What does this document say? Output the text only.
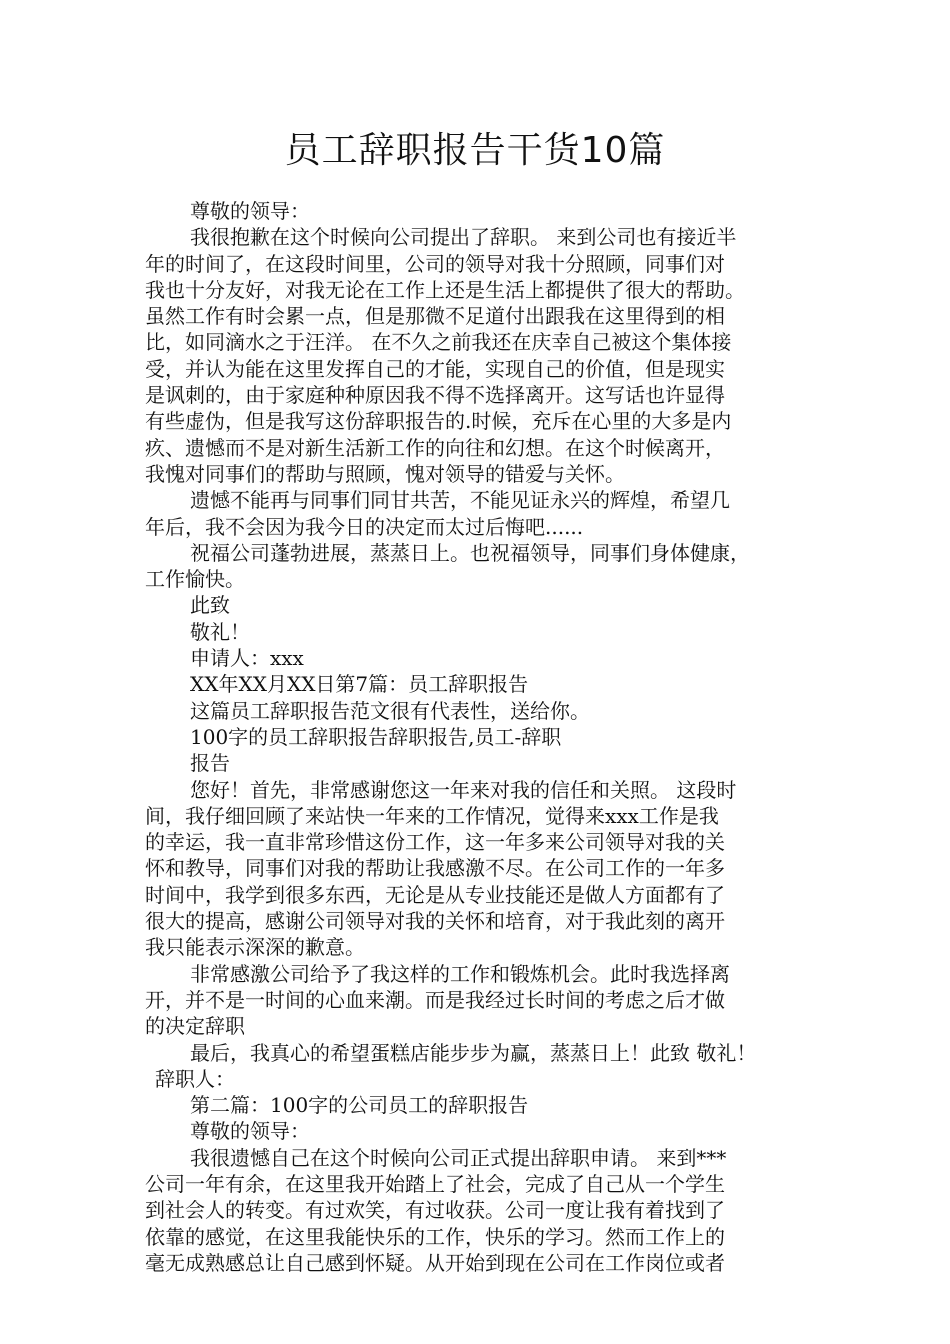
员工辞职报告干货10篇
尊敬的领导：
我很抱歉在这个时候向公司提出了辞职。 来到公司也有接近半
年的时间了，在这段时间里，公司的领导对我十分照顾，同事们对
我也十分友好，对我无论在工作上还是生活上都提供了很大的帮助。
虽然工作有时会累一点，但是那微不足道付出跟我在这里得到的相
比，如同滴水之于汪洋。 在不久之前我还在庆幸自己被这个集体接
受，并认为能在这里发挥自己的才能，实现自己的价值，但是现实
是讽刺的，由于家庭种种原因我不得不选择离开。这写话也许显得
有些虚伪，但是我写这份辞职报告的.时候，充斥在心里的大多是内
疚、遗憾而不是对新生活新工作的向往和幻想。在这个时候离开，
我愧对同事们的帮助与照顾，愧对领导的错爱与关怀。
遗憾不能再与同事们同甘共苦，不能见证永兴的辉煌，希望几
年后，我不会因为我今日的决定而太过后悔吧......
祝福公司蓬勃进展，蒸蒸日上。也祝福领导，同事们身体健康，
工作愉快。
此致
敬礼！
申请人：xxx
XX年XX月XX日第7篇：员工辞职报告
这篇员工辞职报告范文很有代表性，送给你。
100字的员工辞职报告辞职报告,员工-辞职
报告
您好！首先，非常感谢您这一年来对我的信任和关照。 这段时
间，我仔细回顾了来站快一年来的工作情况，觉得来xxx工作是我
的幸运，我一直非常珍惜这份工作，这一年多来公司领导对我的关
怀和教导，同事们对我的帮助让我感激不尽。在公司工作的一年多
时间中，我学到很多东西，无论是从专业技能还是做人方面都有了
很大的提高，感谢公司领导对我的关怀和培育，对于我此刻的离开
我只能表示深深的歉意。
非常感激公司给予了我这样的工作和锻炼机会。此时我选择离
开，并不是一时间的心血来潮。而是我经过长时间的考虑之后才做
的决定辞职
最后，我真心的希望蛋糕店能步步为赢，蒸蒸日上！此致 敬礼！
辞职人：
第二篇：100字的公司员工的辞职报告
尊敬的领导：
我很遗憾自己在这个时候向公司正式提出辞职申请。 来到***
公司一年有余，在这里我开始踏上了社会，完成了自己从一个学生
到社会人的转变。有过欢笑，有过收获。公司一度让我有着找到了
依靠的感觉，在这里我能快乐的工作，快乐的学习。然而工作上的
毫无成熟感总让自己感到怀疑。从开始到现在公司在工作岗位或者
